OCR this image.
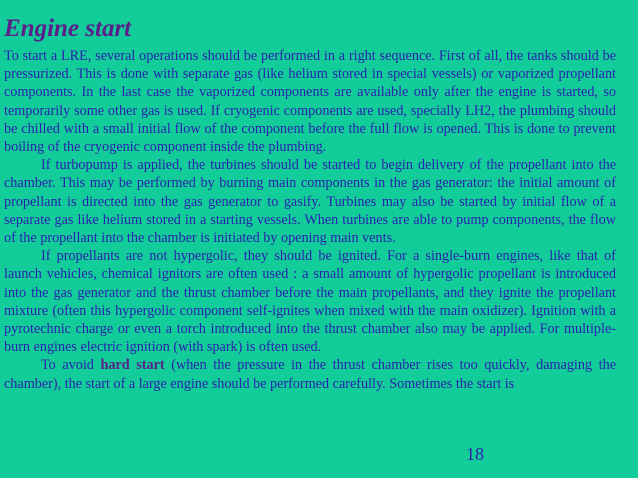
Engine start

To start a LRE, several operations should be performed in a right sequence. First of all, the tanks should be pressurized. This is done with separate gas (like helium stored in special vessels) or vaporized propellant components. In the last case the vaporized components are available only after the engine is started, so temporarily some other gas is used. If cryogenic components are used, specially LH2, the plumbing should be chilled with a small initial flow of the component before the full flow is opened. This is done to prevent boiling of the cryogenic component inside the plumbing.

If turbopump is applied, the turbines should be started to begin delivery of the propellant into the chamber. This may be performed by burning main components in the gas generator: the initial amount of propellant is directed into the gas generator to gasify. Turbines may also be started by initial flow of a separate gas like helium stored in a starting vessels. When turbines are able to pump components, the flow of the propellant into the chamber is initiated by opening main vents.

If propellants are not hypergolic, they should be ignited. For a single-burn engines, like that of launch vehicles, chemical ignitors are often used : a small amount of hypergolic propellant is introduced into the gas generator and the thrust chamber before the main propellants, and they ignite the propellant mixture (often this hypergolic component self-ignites when mixed with the main oxidizer). Ignition with a pyrotechnic charge or even a torch introduced into the thrust chamber also may be applied. For multiple-burn engines electric ignition (with spark) is often used.

To avoid hard start (when the pressure in the thrust chamber rises too quickly, damaging the chamber), the start of a large engine should be performed carefully. Sometimes the start is

18
